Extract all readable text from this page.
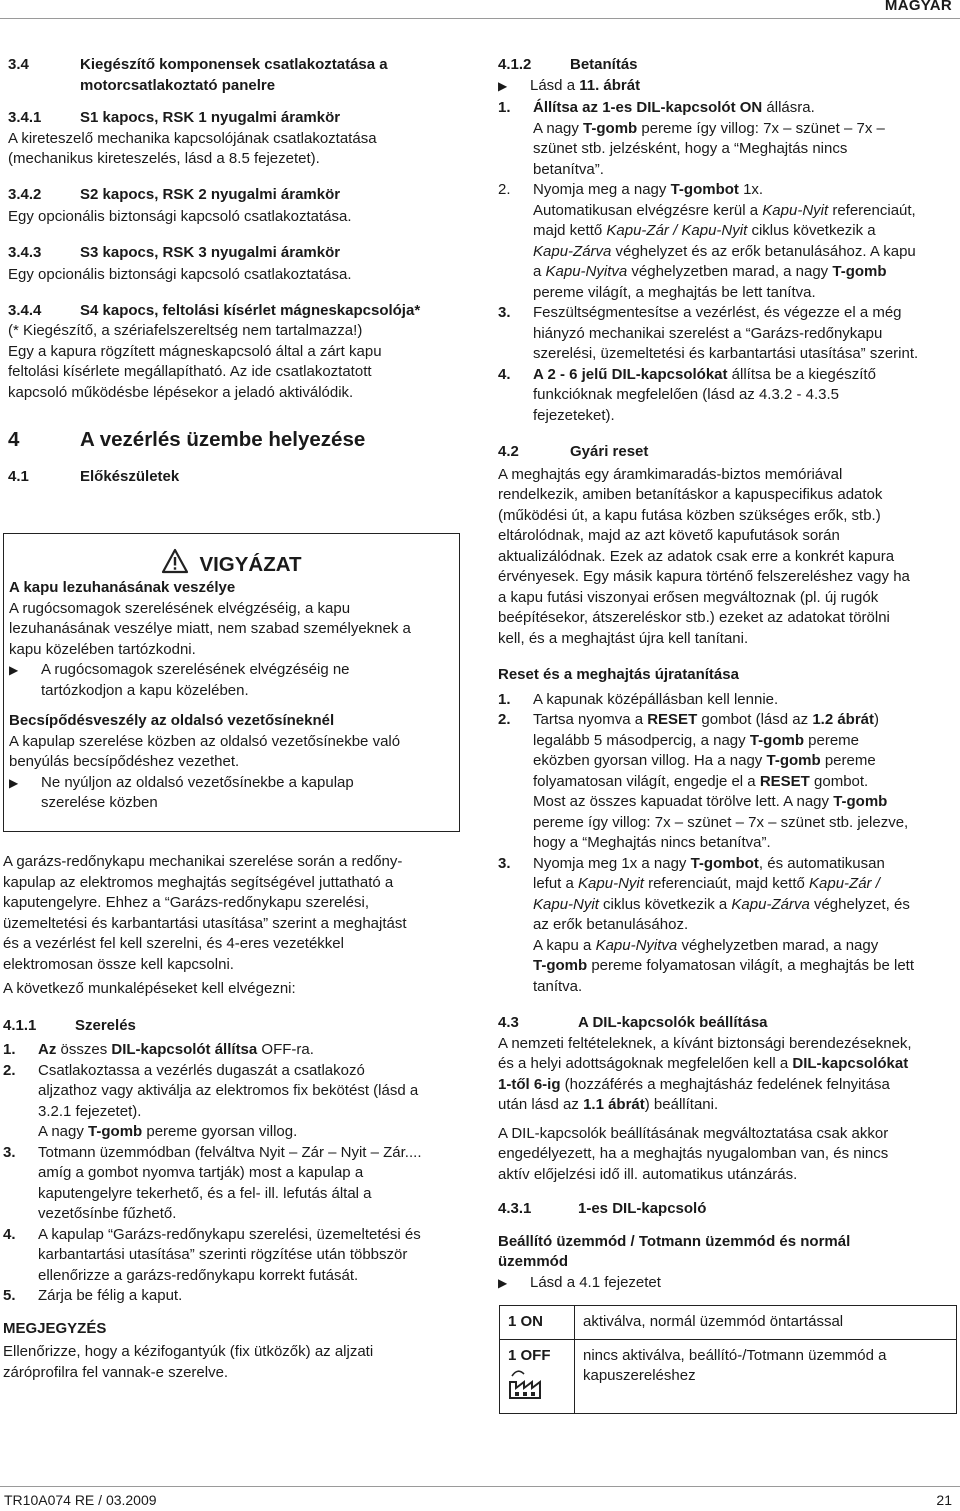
MAGYAR
3.4	Kiegészítő komponensek csatlakoztatása a
motorcsatlakoztató panelre
3.4.1	S1 kapocs, RSK 1 nyugalmi áramkör
A kireteszelő mechanika kapcsolójának csatlakoztatása
(mechanikus kireteszelés, lásd a 8.5 fejezetet).
3.4.2	S2 kapocs, RSK 2 nyugalmi áramkör
Egy opcionális biztonsági kapcsoló csatlakoztatása.
3.4.3	S3 kapocs, RSK 3 nyugalmi áramkör
Egy opcionális biztonsági kapcsoló csatlakoztatása.
3.4.4	S4 kapocs, feltolási kísérlet mágneskapcsolója*
(* Kiegészítő, a szériafelszereltség nem tartalmazza!)
Egy a kapura rögzített mágneskapcsoló által a zárt kapu
feltolási kísérlete megállapítható. Az ide csatlakoztatott
kapcsoló működésbe lépésekor a jeladó aktiválódik.
4	A vezérlés üzembe helyezése
4.1	Előkészületek
VIGYÁZAT
A kapu lezuhanásának veszélye
A rugócsomagok szerelésének elvégzéséig, a kapu
lezuhanásának veszélye miatt, nem szabad személyeknek a
kapu közelében tartózkodni.
▶	A rugócsomagok szerelésének elvégzéséig ne
tartózkodjon a kapu közelében.
Becsípődésveszély az oldalsó vezetősíneknél
A kapulap szerelése közben az oldalsó vezetősínekbe való
benyúlás becsípődéshez vezethet.
▶	Ne nyúljon az oldalsó vezetősínekbe a kapulap
szerelése közben
A garázs-redőnykapu mechanikai szerelése során a redőny-
kapulap az elektromos meghajtás segítségével juttatható a
kaputengelyre. Ehhez a “Garázs-redőnykapu szerelési,
üzemeltetési és karbantartási utasítása” szerint a meghajtást
és a vezérlést fel kell szerelni, és 4-eres vezetékkel
elektromosan össze kell kapcsolni.
A következő munkalépéseket kell elvégezni:
4.1.1	Szerelés
1.	Az összes DIL-kapcsolót állítsa OFF-ra.
2.	Csatlakoztassa a vezérlés dugaszát a csatlakozó
aljzathoz vagy aktiválja az elektromos fix bekötést (lásd a
3.2.1 fejezetet).
A nagy T-gomb pereme gyorsan villog.
3.	Totmann üzemmódban (felváltva Nyit – Zár – Nyit – Zár....
amíg a gombot nyomva tartják) most a kapulap a
kaputengelyre tekerhető, és a fel- ill. lefutás által a
vezetősínbe fűzhető.
4.	A kapulap “Garázs-redőnykapu szerelési, üzemeltetési és
karbantartási utasítása” szerinti rögzítése után többször
ellenőrizze a garázs-redőnykapu korrekt futását.
5.	Zárja be félig a kaput.
MEGJEGYZÉS
Ellenőrizze, hogy a kézifogantyúk (fix ütközők) az aljzati
záróprofilra fel vannak-e szerelve.
4.1.2	Betanítás
▶	Lásd a 11. ábrát
1.	Állítsa az 1-es DIL-kapcsolót ON állásra.
A nagy T-gomb pereme így villog: 7x – szünet – 7x –
szünet stb. jelzésként, hogy a “Meghajtás nincs
betanítva”.
2.	Nyomja meg a nagy T-gombot 1x.
Automatikusan elvégzésre kerül a Kapu-Nyit referenciaút,
majd kettő Kapu-Zár / Kapu-Nyit ciklus következik a
Kapu-Zárva véghelyzet és az erők betanulásához. A kapu
a Kapu-Nyitva véghelyzetben marad, a nagy T-gomb
pereme világít, a meghajtás be lett tanítva.
3.	Feszültségmentesítse a vezérlést, és végezze el a még
hiányzó mechanikai szerelést a “Garázs-redőnykapu
szerelési, üzemeltetési és karbantartási utasítása” szerint.
4.	A 2 - 6 jelű DIL-kapcsolókat állítsa be a kiegészítő
funkcióknak megfelelően (lásd az 4.3.2 - 4.3.5
fejezeteket).
4.2	Gyári reset
A meghajtás egy áramkimaradás-biztos memóriával
rendelkezik, amiben betanításkor a kapuspecifikus adatok
(működési út, a kapu futása közben szükséges erők, stb.)
eltárolódnak, majd az azt követő kapufutások során
aktualizálódnak. Ezek az adatok csak erre a konkrét kapura
érvényesek. Egy másik kapura történő felszereléshez vagy ha
a kapu futási viszonyai erősen megváltoznak (pl. új rugók
beépítésekor, átszereléskor stb.) ezeket az adatokat törölni
kell, és a meghajtást újra kell tanítani.
Reset és a meghajtás újratanítása
1.	A kapunak középállásban kell lennie.
2.	Tartsa nyomva a RESET gombot (lásd az 1.2 ábrát)
legalább 5 másodpercig, a nagy T-gomb pereme
eközben gyorsan villog. Ha a nagy T-gomb pereme
folyamatosan világít, engedje el a RESET gombot.
Most az összes kapuadat törölve lett. A nagy T-gomb
pereme így villog: 7x – szünet – 7x – szünet stb. jelezve,
hogy a “Meghajtás nincs betanítva”.
3.	Nyomja meg 1x a nagy T-gombot, és automatikusan
lefut a Kapu-Nyit referenciaút, majd kettő Kapu-Zár /
Kapu-Nyit ciklus következik a Kapu-Zárva véghelyzet, és
az erők betanulásához.
A kapu a Kapu-Nyitva véghelyzetben marad, a nagy
T-gomb pereme folyamatosan világít, a meghajtás be lett
tanítva.
4.3	A DIL-kapcsolók beállítása
A nemzeti feltételeknek, a kívánt biztonsági berendezéseknek,
és a helyi adottságoknak megfelelően kell a DIL-kapcsolókat
1-től 6-ig (hozzáférés a meghajtásház fedelének felnyitása
után lásd az 1.1 ábrát) beállítani.
A DIL-kapcsolók beállításának megváltoztatása csak akkor
engedélyezett, ha a meghajtás nyugalomban van, és nincs
aktív előjelzési idő ill. automatikus utánzárás.
4.3.1	1-es DIL-kapcsoló
Beállító üzemmód / Totmann üzemmód és normál
üzemmód
▶	Lásd a 4.1 fejezetet
1 ON	aktiválva, normál üzemmód öntartással

1 OFF	nincs aktiválva, beállító-/Totmann üzemmód a
kapuszereléshez
TR10A074 RE / 03.2009	21
